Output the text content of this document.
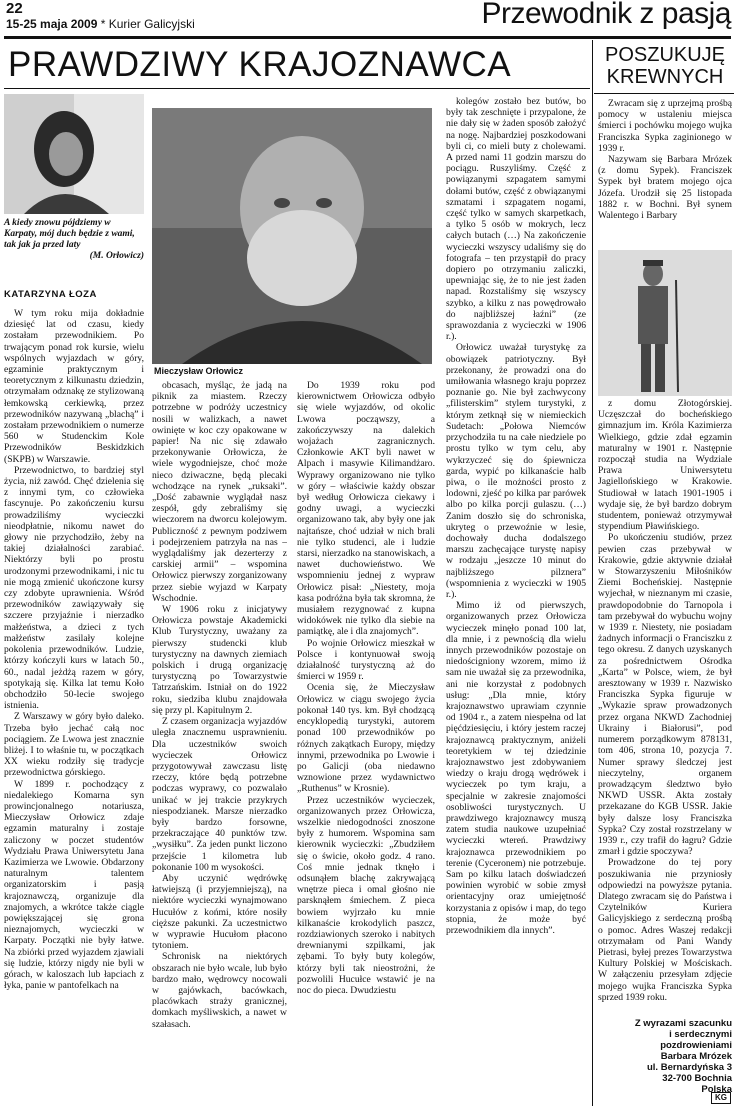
22
15-25 maja 2009 * Kurier Galicyjski	Przewodnik z pasją
PRAWDZIWY KRAJOZNAWCA
A kiedy znowu pójdziemy w Karpaty, mój duch będzie z wami, tak jak ja przed laty
(M. Orłowicz)
KATARZYNA ŁOZA
Mieczysław Orłowicz

W tym roku mija dokładnie dziesięć lat od czasu, kiedy zostałam przewodnikiem. Po trwającym ponad rok kursie, wielu wspólnych wyjazdach w góry, egzaminie praktycznym i teoretycznym z kilkunastu dziedzin, otrzymałam odznakę ze stylizowaną łemkowską cerkiewką, przez przewodników nazywaną „blachą” i zostałam przewodnikiem o numerze 560 w Studenckim Kole Przewodników Beskidzkich (SKPB) w Warszawie.

Przewodnictwo, to bardziej styl życia, niż zawód. Chęć dzielenia się z innymi tym, co człowieka fascynuje. Po zakończeniu kursu prowadziliśmy wycieczki nieodpłatnie, nikomu nawet do głowy nie przychodziło, żeby na takiej działalności zarabiać. Niektórzy byli po prostu urodzonymi przewodnikami, i nic tu nie mogą zmienić ukończone kursy czy zdobyte uprawnienia. Wśród przewodników zawiązywały się szczere przyjaźnie i nierzadko małżeństwa, a dzieci z tych małżeństw zasilały kolejne pokolenia przewodników. Ludzie, którzy kończyli kurs w latach 50., 60., nadal jeżdżą razem w góry, spotykają się. Kilka lat temu Koło obchodziło 50-lecie swojego istnienia.

Z Warszawy w góry było daleko. Trzeba było jechać całą noc pociągiem. Ze Lwowa jest znacznie bliżej. I to właśnie tu, w początkach XX wieku rodziły się tradycje przewodnictwa górskiego.

W 1899 r. pochodzący z niedalekiego Komarna syn prowincjonalnego notariusza, Mieczysław Orłowicz zdaje egzamin maturalny i zostaje zaliczony w poczet studentów Wydziału Prawa Uniwersytetu Jana Kazimierza we Lwowie. Obdarzony naturalnym talentem organizatorskim i pasją krajoznawczą, organizuje dla znajomych, a wkrótce także ciągle powiększającej się grona nieznajomych, wycieczki w Karpaty. Początki nie były łatwe. Na zbiórki przed wyjazdem zjawiali się ludzie, którzy nigdy nie byli w górach, w kaloszach lub łapciach z łyka, panie w pantofelkach na

obcasach, myśląc, że jadą na piknik za miastem. Rzeczy potrzebne w podróży uczestnicy nosili w walizkach, a nawet owinięte w koc czy opakowane w papier! Na nic się zdawało przekonywanie Orłowicza, że wiele wygodniejsze, choć może nieco dziwaczne, będą plecaki wchodzące na rynek „ruksaki”. „Dość zabawnie wyglądał nasz zespół, gdy zebraliśmy się wieczorem na dworcu kolejowym. Publiczność z pewnym podziwem i podejrzeniem patrzyła na nas – wyglądaliśmy jak dezerterzy z carskiej armii” – wspomina Orłowicz pierwszy zorganizowany przez siebie wyjazd w Karpaty Wschodnie.

W 1906 roku z inicjatywy Orłowicza powstaje Akademicki Klub Turystyczny, uważany za pierwszy studencki klub turystyczny na dawnych ziemiach polskich i drugą organizację turystyczną po Towarzystwie Tatrzańskim. Istniał on do 1922 roku, siedziba klubu znajdowała się przy pl. Kapitulnym 2.

Z czasem organizacja wyjazdów uległa znacznemu usprawnieniu. Dla uczestników swoich wycieczek Orłowicz przygotowywał zawczasu listę rzeczy, które będą potrzebne podczas wyprawy, co pozwalało unikać w jej trakcie przykrych niespodzianek. Marsze nierzadko były bardzo forsowne, przekraczające 40 punktów tzw. „wysiłku”. Za jeden punkt liczono przejście 1 kilometra lub pokonanie 100 m wysokości.

Aby uczynić wędrówkę łatwiejszą (i przyjemniejszą), na niektóre wycieczki wynajmowano Hucułów z końmi, które nosiły cięższe pakunki. Za uczestnictwo w wyprawie Hucułom płacono tytoniem.

Schronisk na niektórych obszarach nie było wcale, lub było bardzo mało, wędrowcy nocowali w gajówkach, bacówkach, placówkach straży granicznej, domkach myśliwskich, a nawet w szałasach.

Do 1939 roku pod kierownictwem Orłowicza odbyło się wiele wyjazdów, od okolic Lwowa począwszy, a zakończywszy na dalekich wojażach zagranicznych. Członkowie AKT byli nawet w Alpach i masywie Kilimandżaro. Wyprawy organizowano nie tylko w góry – właściwie każdy obszar był według Orłowicza ciekawy i godny uwagi, a wycieczki organizowano tak, aby były one jak najtańsze, choć udział w nich brali nie tylko studenci, ale i ludzie starsi, nierzadko na stanowiskach, a nawet duchowieństwo. We wspomnieniu jednej z wypraw Orłowicz pisał: „Niestety, moja kasa podróżna była tak skromna, że musiałem rezygnować z kupna widokówek nie tylko dla siebie na pamiątkę, ale i dla znajomych”.

Po wojnie Orłowicz mieszkał w Polsce i kontynuował swoją działalność turystyczną aż do śmierci w 1959 r.

Ocenia się, że Mieczysław Orłowicz w ciągu swojego życia pokonał 140 tys. km. Był chodzącą encyklopedią turystyki, autorem ponad 100 przewodników po różnych zakątkach Europy, między innymi, przewodnika po Lwowie i po Galicji (oba niedawno wznowione przez wydawnictwo „Ruthenus” w Krosnie).

Przez uczestników wycieczek, organizowanych przez Orłowicza, wszelkie niedogodności znoszone były z humorem. Wspomina sam kierownik wycieczki: „Zbudziłem się o świcie, około godz. 4 rano. Coś mnie jednak tknęło i odsunąłem blachę zakrywającą wnętrze pieca i omal głośno nie parsknąłem śmiechem. Z pieca bowiem wyjrzało ku mnie kilkanaście krokodylich paszcz, rozdziawionych szeroko i nabitych drewnianymi szpilkami, jak zębami. To były buty kolegów, którzy byli tak nieostrożni, że pozwolili Hucułce wstawić je na noc do pieca. Dwudziestu

kolegów zostało bez butów, bo były tak zeschnięte i przypalone, że nie dały się w żaden sposób założyć na nogę. Najbardziej poszkodowani byli ci, co mieli buty z cholewami. A przed nami 11 godzin marszu do pociągu. Ruszyliśmy. Część z powiązanymi szpagatem samymi dołami butów, część z obwiązanymi szmatami i szpagatem nogami, część tylko w samych skarpetkach, a tylko 5 osób w mokrych, lecz całych butach (…) Na zakończenie wycieczki wszyscy udaliśmy się do fotografa – ten przystąpił do pracy dopiero po otrzymaniu zaliczki, upewniając się, że to nie jest żaden napad. Rozstaliśmy się wszyscy szybko, a kilku z nas powędrowało do najbliższej łaźni” (ze sprawozdania z wycieczki w 1906 r.).

Orłowicz uważał turystykę za obowiązek patriotyczny. Był przekonany, że prowadzi ona do umiłowania własnego kraju poprzez poznanie go. Nie był zachwycony „filisterskim” stylem turystyki, z którym zetknął się w niemieckich Sudetach: „Połowa Niemców przychodziła tu na całe niedziele po prostu tylko w tym celu, aby wykrzyczeć się do śpiewnicza garda, wypić po kilkanaście halb piwa, o ile możności prosto z lodowni, zjeść po kilka par parówek albo po kilka porcji gulaszu. (…) Zanim doszło się do schroniska, ukryteg o przewoźnie w lesie, dochowały ducha dodalszego marszu zachęcające turystę napisy w rodzaju „jeszcze 10 minut do najbliższego pilznera” (wspomnienia z wycieczki w 1905 r.).

Mimo iż od pierwszych, organizowanych przez Orłowicza wycieczek minęło ponad 100 lat, dla mnie, i z pewnością dla wielu innych przewodników pozostaje on niedościgniony wzorem, mimo iż sam nie uważał się za przewodnika, ani nie korzystał z podobnych usług: „Dla mnie, który krajoznawstwo uprawiam czynnie od 1904 r., a zatem niespełna od lat pięćdziesięciu, i który jestem raczej krajoznawcą praktycznym, aniżeli teoretykiem w tej dziedzinie krajoznawstwo jest zdobywaniem wiedzy o kraju drogą wędrówek i wycieczek po tym kraju, a specjalnie w zakresie znajomości osobliwości turystycznych. U prawdziwego krajoznawcy muszą zatem studia naukowe uzupełniać wycieczki wtereń. Prawdziwy krajoznawca przewodnikiem po terenie (Cyceronem) nie potrzebuje. Sam po kilku latach doświadczeń powinien wyrobić w sobie zmysł orientacyjny oraz umiejętność korzystania z opisów i map, do tego stopnia, że może być przewodnikiem dla innych”.

POSZUKUJĘ KREWNYCH

Zwracam się z uprzejmą prośbą pomocy w ustaleniu miejsca śmierci i pochówku mojego wujka Franciszka Sypka zaginionego w 1939 r.

Nazywam się Barbara Mrózek (z domu Sypek). Franciszek Sypek był bratem mojego ojca Józefa. Urodził się 25 listopada 1882 r. w Bochni. Był synem Walentego i Barbary

z domu Złotogórskiej. Uczęszczał do bocheńskiego gimnazjum im. Króla Kazimierza Wielkiego, gdzie zdał egzamin maturalny w 1901 r. Następnie rozpoczął studia na Wydziale Prawa Uniwersytetu Jagiellońskiego w Krakowie. Studiował w latach 1901-1905 i wydaje się, że był bardzo dobrym studentem, ponieważ otrzymywał stypendium Pławińskiego.

Po ukończeniu studiów, przez pewien czas przebywał w Krakowie, gdzie aktywnie działał w Stowarzyszeniu Miłośników Ziemi Bocheńskiej. Następnie wyjechał, w nieznanym mi czasie, prawdopodobnie do Tarnopola i tam przebywał do wybuchu wojny w 1939 r. Niestety, nie posiadam żadnych informacji o Franciszku z tego okresu. Z danych uzyskanych za pośrednictwem Ośrodka „Karta” w Polsce, wiem, że był aresztowany w 1939 r. Nazwisko Franciszka Sypka figuruje w „Wykazie spraw prowadzonych przez organa NKWD Zachodniej Ukrainy i Białorusi”, pod numerem porządkowym 878131, tom 406, strona 10, pozycja 7. Numer sprawy śledczej jest nieczytelny, organem prowadzącym śledztwo było NKWD USSR. Akta zostały przekazane do KGB USSR. Jakie były dalsze losy Franciszka Sypka? Czy został rozstrzelany w 1939 r., czy trafił do łagru? Gdzie zmarł i gdzie spoczywa?

Prowadzone do tej pory poszukiwania nie przyniosły odpowiedzi na powyższe pytania. Dlatego zwracam się do Państwa i Czytelników Kuriera Galicyjskiego z serdeczną prośbą o pomoc. Adres Waszej redakcji otrzymałam od Pani Wandy Pietrasi, byłej prezes Towarzystwa Kultury Polskiej w Mościskach. W załączeniu przesyłam zdjęcie mojego wujka Franciszka Sypka sprzed 1939 roku.

Z wyrazami szacunku
i serdecznymi
pozdrowieniami
Barbara Mrózek
ul. Bernardyńska 3
32-700 Bochnia
Polska
KG
